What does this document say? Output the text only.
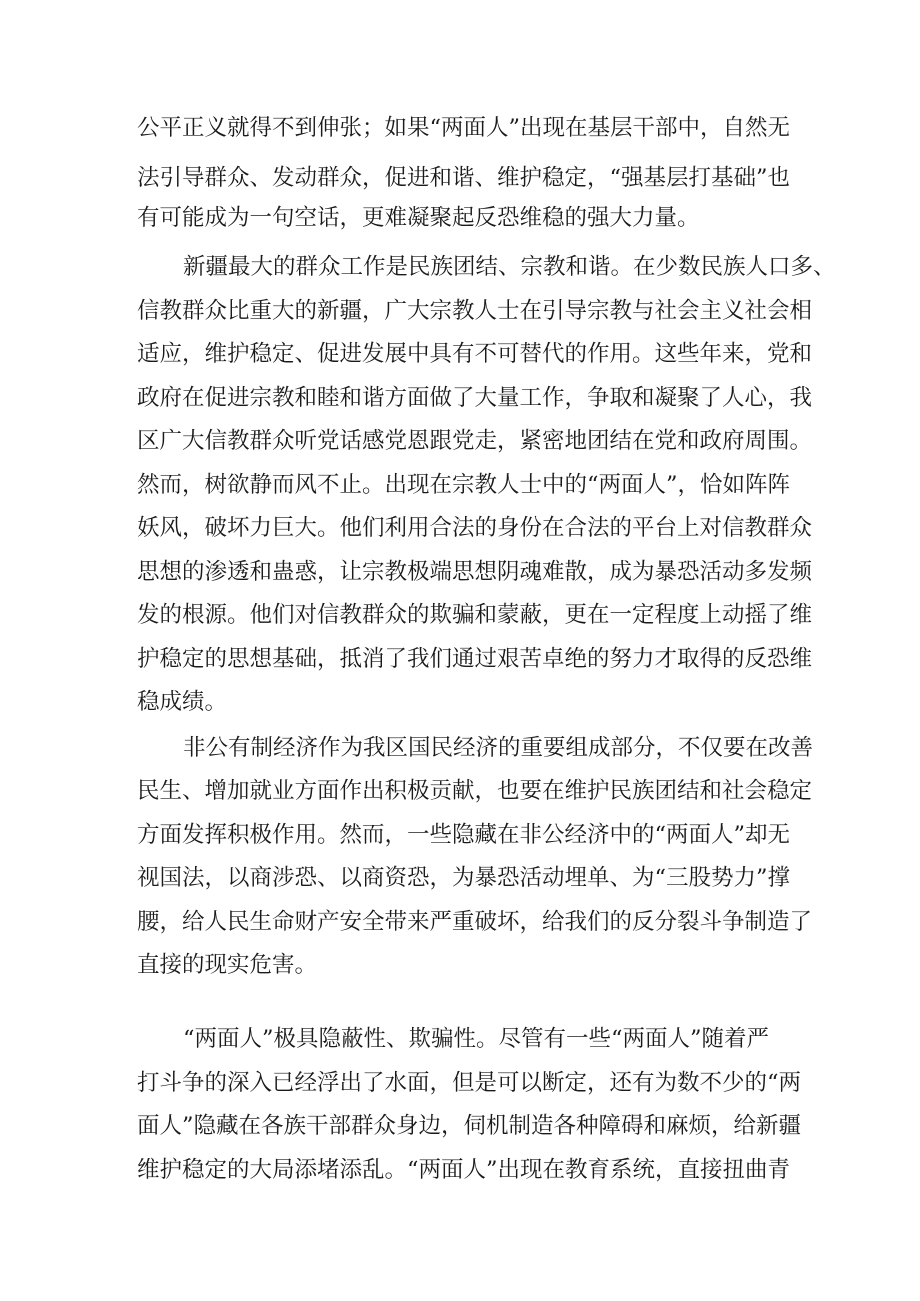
公平正义就得不到伸张；如果“两面人”出现在基层干部中，自然无

法引导群众、发动群众，促进和谐、维护稳定，“强基层打基础”也

有可能成为一句空话，更难凝聚起反恐维稳的强大力量。

新疆最大的群众工作是民族团结、宗教和谐。在少数民族人口多、

信教群众比重大的新疆，广大宗教人士在引导宗教与社会主义社会相

适应，维护稳定、促进发展中具有不可替代的作用。这些年来，党和

政府在促进宗教和睦和谐方面做了大量工作，争取和凝聚了人心，我

区广大信教群众听党话感党恩跟党走，紧密地团结在党和政府周围。

然而，树欲静而风不止。出现在宗教人士中的“两面人”，恰如阵阵

妖风，破坏力巨大。他们利用合法的身份在合法的平台上对信教群众

思想的渗透和蛊惑，让宗教极端思想阴魂难散，成为暴恐活动多发频

发的根源。他们对信教群众的欺骗和蒙蔽，更在一定程度上动摇了维

护稳定的思想基础，抵消了我们通过艰苦卓绝的努力才取得的反恐维

稳成绩。

非公有制经济作为我区国民经济的重要组成部分，不仅要在改善

民生、增加就业方面作出积极贡献，也要在维护民族团结和社会稳定

方面发挥积极作用。然而，一些隐藏在非公经济中的“两面人”却无

视国法，以商涉恐、以商资恐，为暴恐活动埋单、为“三股势力”撑

腰，给人民生命财产安全带来严重破坏，给我们的反分裂斗争制造了

直接的现实危害。

“两面人”极具隐蔽性、欺骗性。尽管有一些“两面人”随着严

打斗争的深入已经浮出了水面，但是可以断定，还有为数不少的“两

面人”隐藏在各族干部群众身边，伺机制造各种障碍和麻烦，给新疆

维护稳定的大局添堵添乱。“两面人”出现在教育系统，直接扭曲青
